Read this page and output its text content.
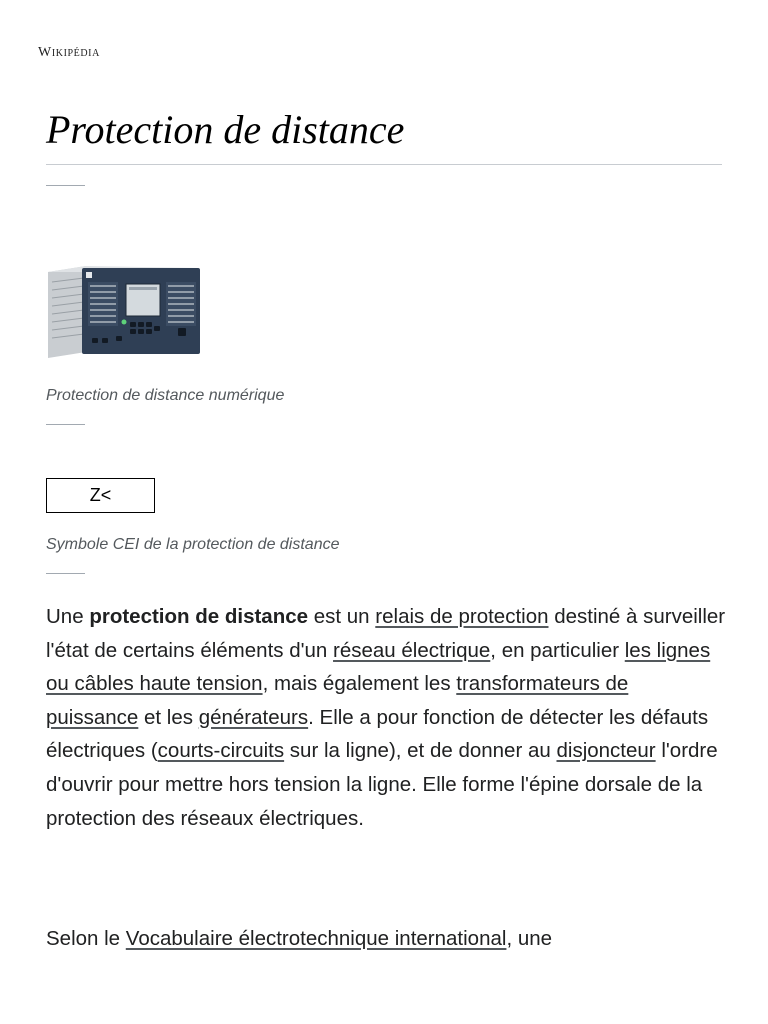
Wikipédia
Protection de distance
Protection de distance numérique
Z<
Symbole CEI de la protection de distance

Une protection de distance est un relais de protection destiné à surveiller l'état de certains éléments d'un réseau électrique, en particulier les lignes ou câbles haute tension, mais également les transformateurs de puissance et les générateurs. Elle a pour fonction de détecter les défauts électriques (courts-circuits sur la ligne), et de donner au disjoncteur l'ordre d'ouvrir pour mettre hors tension la ligne. Elle forme l'épine dorsale de la protection des réseaux électriques.

Selon le Vocabulaire électrotechnique international, une
